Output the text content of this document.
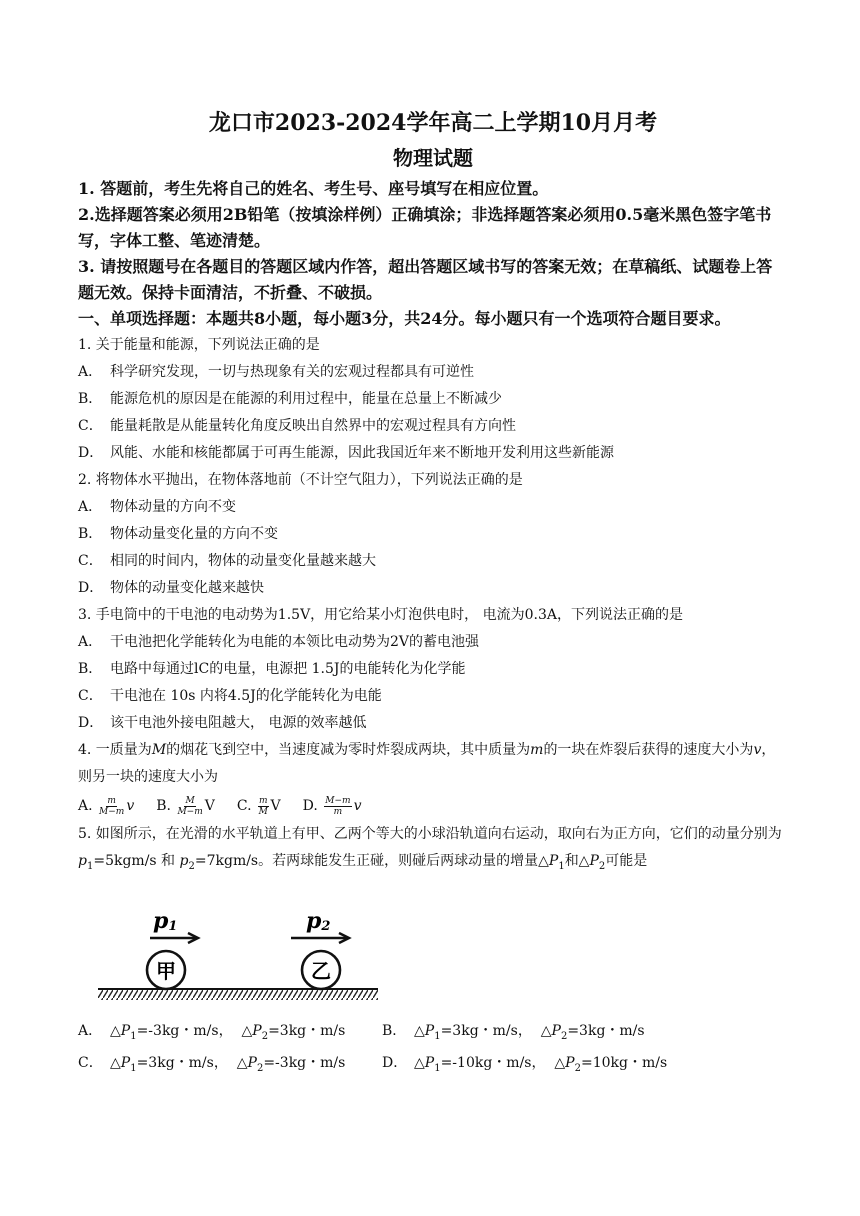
龙口市2023-2024学年高二上学期10月月考
物理试题

1. 答题前，考生先将自己的姓名、考生号、座号填写在相应位置。

2.选择题答案必须用2B铅笔（按填涂样例）正确填涂；非选择题答案必须用0.5毫米黑色签字笔书写，字体工整、笔迹清楚。

3. 请按照题号在各题目的答题区域内作答，超出答题区域书写的答案无效；在草稿纸、试题卷上答题无效。保持卡面清洁，不折叠、不破损。

一、单项选择题：本题共8小题，每小题3分，共24分。每小题只有一个选项符合题目要求。

1. 关于能量和能源，下列说法正确的是

A． 科学研究发现，一切与热现象有关的宏观过程都具有可逆性
B． 能源危机的原因是在能源的利用过程中，能量在总量上不断减少
C． 能量耗散是从能量转化角度反映出自然界中的宏观过程具有方向性
D． 风能、水能和核能都属于可再生能源，因此我国近年来不断地开发利用这些新能源

2. 将物体水平抛出，在物体落地前（不计空气阻力），下列说法正确的是

A． 物体动量的方向不变
B． 物体动量变化量的方向不变
C． 相同的时间内，物体的动量变化量越来越大
D． 物体的动量变化越来越快

3. 手电筒中的干电池的电动势为1.5V，用它给某小灯泡供电时， 电流为0.3A，下列说法正确的是

A． 干电池把化学能转化为电能的本领比电动势为2V的蓄电池强
B． 电路中每通过lC的电量，电源把 1.5J的电能转化为化学能
C． 干电池在 10s 内将4.5J的化学能转化为电能
D． 该干电池外接电阻越大， 电源的效率越低

4. 一质量为M的烟花飞到空中，当速度减为零时炸裂成两块，其中质量为m的一块在炸裂后获得的速度大小为v， 则另一块的速度大小为

A.
$\frac{m}{M-m}$ v B.
$\frac{M}{M-m}$ V C.
$\frac{m}{M}$ V D.
$\frac{M-m}{m}$ v

5. 如图所示，在光滑的水平轨道上有甲、乙两个等大的小球沿轨道向右运动，取向右为正方向，它们的动量分别为 $p_1=5kgm/s$ 和 $p_2=7kgm/s$。若两球能发生正碰，则碰后两球动量的增量$\triangle P_1$和$\triangle P_2$可能是

p1	p2
甲	乙
A． $\triangle P_1=-3kg$・m/s， $\triangle P_2=3kg$・m/s	B． $\triangle P_1=3kg$・m/s， $\triangle P_2=3kg$・m/s
C． $\triangle P_1=3kg$・m/s， $\triangle P_2=-3kg$・m/s	D． $\triangle P_1=-10kg$・m/s， $\triangle P_2=10kg$・m/s
